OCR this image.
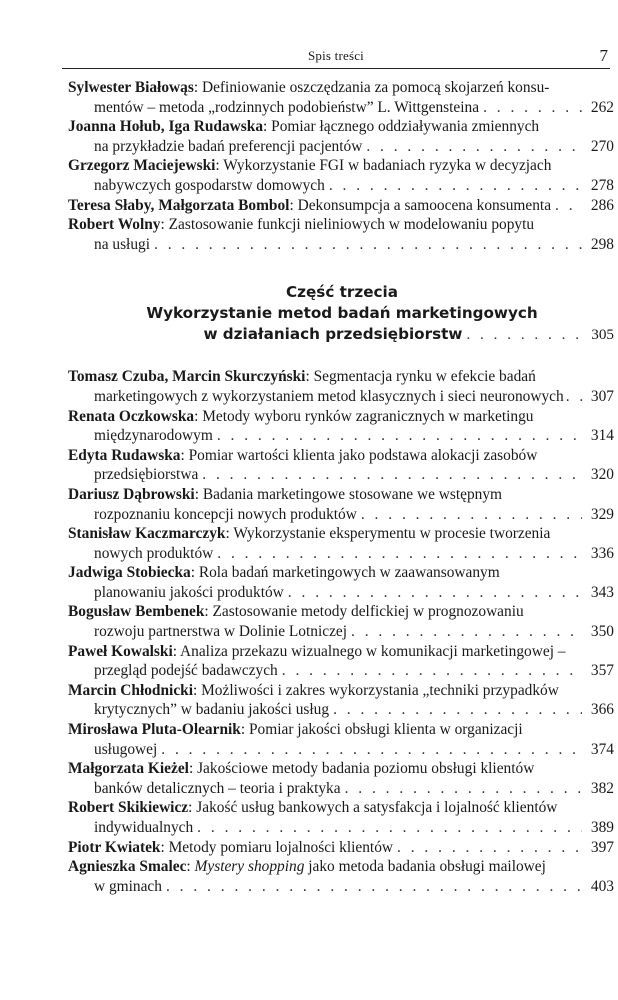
Spis treści	7
Sylwester Białowąs: Definiowanie oszczędzania za pomocą skojarzeń konsu-
mentów – metoda „rodzinnych podobieństw” L. Wittgensteina . . .	262
Joanna Hołub, Iga Rudawska: Pomiar łącznego oddziaływania zmiennych
na przykładzie badań preferencji pacjentów . . .	270
Grzegorz Maciejewski: Wykorzystanie FGI w badaniach ryzyka w decyzjach
nabywczych gospodarstw domowych . . .	278
Teresa Słaby, Małgorzata Bombol: Dekonsumpcja a samoocena konsumenta . . .	286
Robert Wolny: Zastosowanie funkcji nieliniowych w modelowaniu popytu
na usługi . . .	298
Część trzecia
Wykorzystanie metod badań marketingowych
w działaniach przedsiębiorstw . . . . . . . . . 305
Tomasz Czuba, Marcin Skurczyński: Segmentacja rynku w efekcie badań
marketingowych z wykorzystaniem metod klasycznych i sieci neuronowych . . .	307
Renata Oczkowska: Metody wyboru rynków zagranicznych w marketingu
międzynarodowym . . .	314
Edyta Rudawska: Pomiar wartości klienta jako podstawa alokacji zasobów
przedsiębiorstwa . . .	320
Dariusz Dąbrowski: Badania marketingowe stosowane we wstępnym
rozpoznaniu koncepcji nowych produktów . . .	329
Stanisław Kaczmarczyk: Wykorzystanie eksperymentu w procesie tworzenia
nowych produktów . . .	336
Jadwiga Stobiecka: Rola badań marketingowych w zaawansowanym
planowaniu jakości produktów . . .	343
Bogusław Bembenek: Zastosowanie metody delfickiej w prognozowaniu
rozwoju partnerstwa w Dolinie Lotniczej . . .	350
Paweł Kowalski: Analiza przekazu wizualnego w komunikacji marketingowej –
przegląd podejść badawczych . . .	357
Marcin Chłodnicki: Możliwości i zakres wykorzystania „techniki przypadków
krytycznych” w badaniu jakości usług . . .	366
Mirosława Pluta-Olearnik: Pomiar jakości obsługi klienta w organizacji
usługowej . . .	374
Małgorzata Kieżel: Jakościowe metody badania poziomu obsługi klientów
banków detalicznych – teoria i praktyka . . .	382
Robert Skikiewicz: Jakość usług bankowych a satysfakcja i lojalność klientów
indywidualnych . . .	389
Piotr Kwiatek: Metody pomiaru lojalności klientów . . .	397
Agnieszka Smalec: Mystery shopping jako metoda badania obsługi mailowej
w gminach . . .	403
